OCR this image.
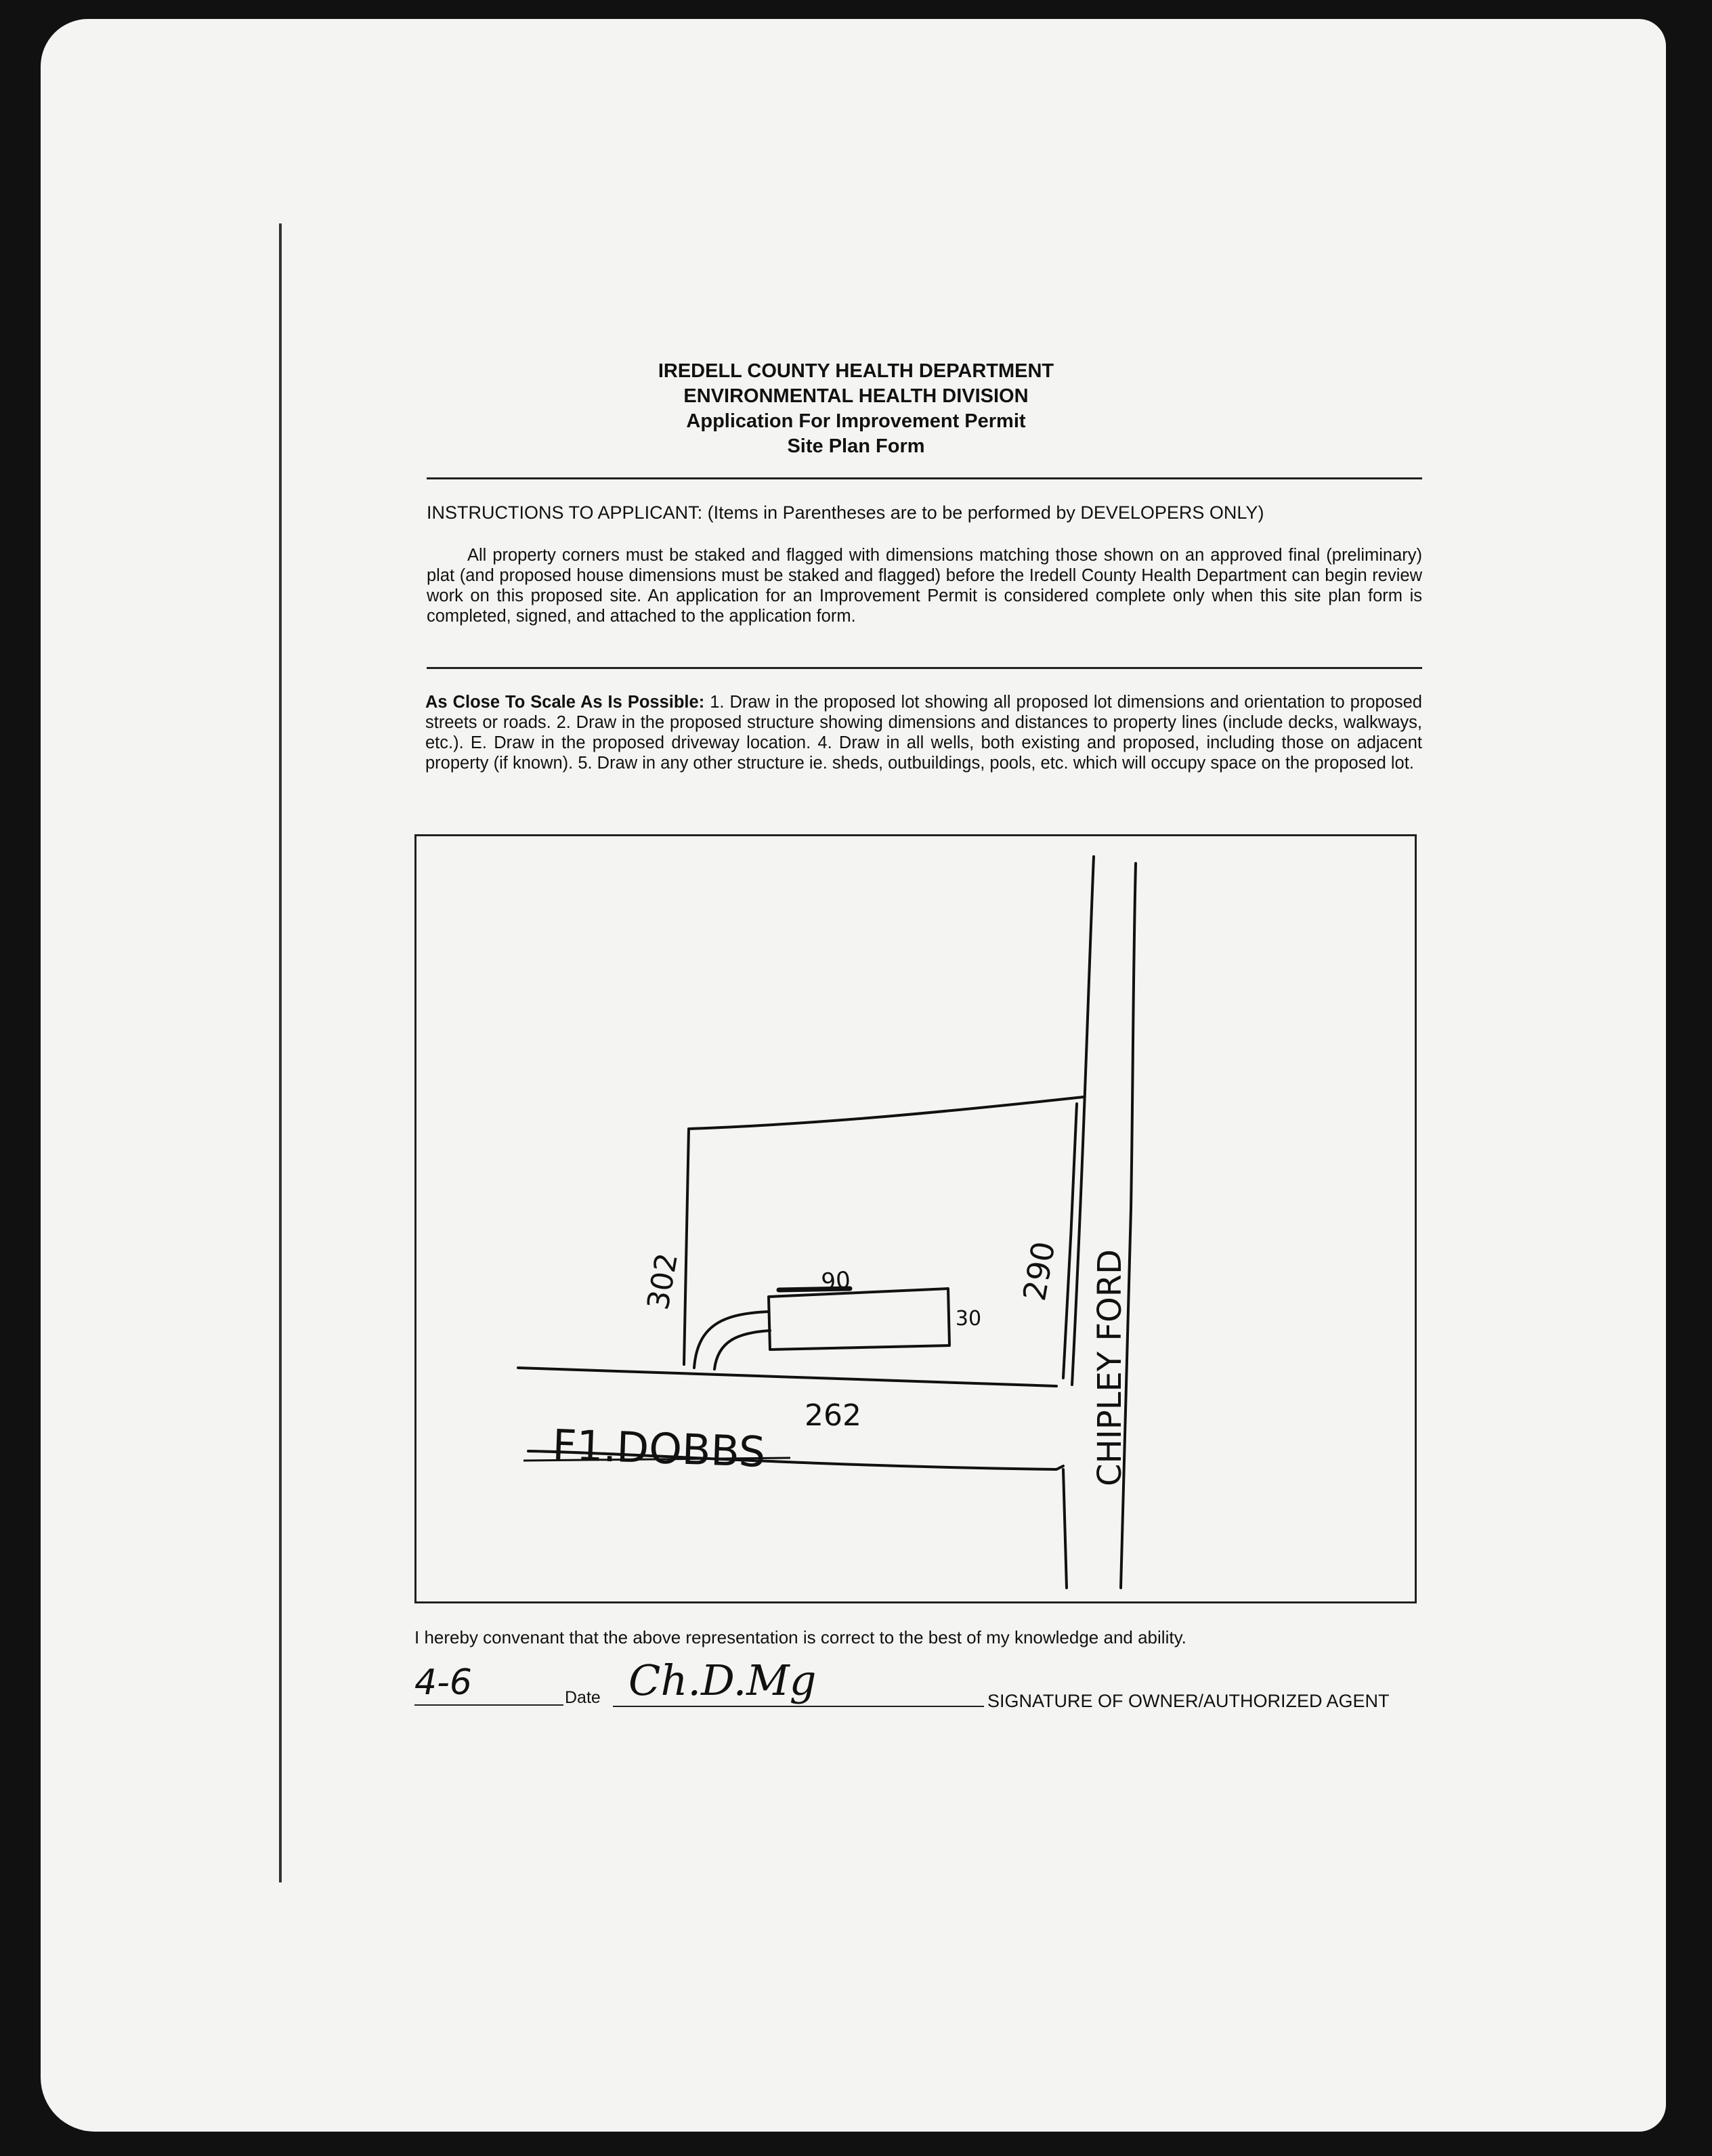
IREDELL COUNTY HEALTH DEPARTMENT
ENVIRONMENTAL HEALTH DIVISION
Application For Improvement Permit
Site Plan Form
INSTRUCTIONS TO APPLICANT: (Items in Parentheses are to be performed by DEVELOPERS ONLY)
All property corners must be staked and flagged with dimensions matching those shown on an approved final (preliminary) plat (and proposed house dimensions must be staked and flagged) before the Iredell County Health Department can begin review work on this proposed site. An application for an Improvement Permit is considered complete only when this site plan form is completed, signed, and attached to the application form.
As Close To Scale As Is Possible: 1. Draw in the proposed lot showing all proposed lot dimensions and orientation to proposed streets or roads. 2. Draw in the proposed structure showing dimensions and distances to property lines (include decks, walkways, etc.). E. Draw in the proposed driveway location. 4. Draw in all wells, both existing and proposed, including those on adjacent property (if known). 5. Draw in any other structure ie. sheds, outbuildings, pools, etc. which will occupy space on the proposed lot.
90
30
302	290
262
F1.DOBBS	CHIPLEY FORD
I hereby convenant that the above representation is correct to the best of my knowledge and ability.
4-6	Date Ch.D.Mg	SIGNATURE OF OWNER/AUTHORIZED AGENT
